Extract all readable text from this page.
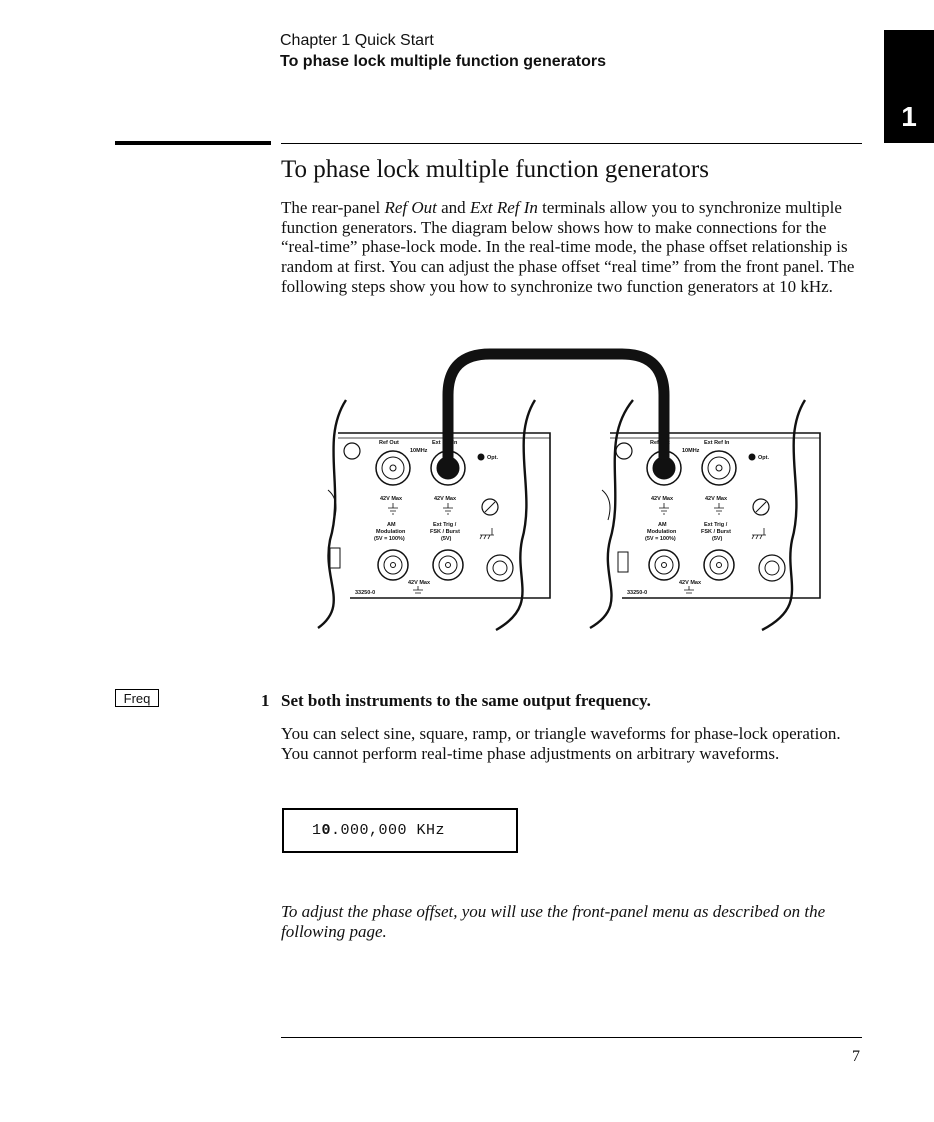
Chapter 1 Quick Start
To phase lock multiple function generators
1
To phase lock multiple function generators

The rear-panel Ref Out and Ext Ref In terminals allow you to synchronize multiple function generators. The diagram below shows how to make connections for the “real-time” phase-lock mode. In the real-time mode, the phase offset relationship is random at first. You can adjust the phase offset “real time” from the front panel. The following steps show you how to synchronize two function generators at 10 kHz.

Ref Out	Ext Ref In
10MHz
Opt.
42V Max	42V Max
AM
Modulation
(5V = 100%)
Ext Trig /
FSK / Burst
(5V)
42V Max
33250-0
Ref Out	Ext Ref In
10MHz
Opt.
42V Max	42V Max
AM
Modulation
(5V = 100%)
Ext Trig /
FSK / Burst
(5V)
42V Max
33250-0
Freq	1 Set both instruments to the same output frequency.

You can select sine, square, ramp, or triangle waveforms for phase-lock operation. You cannot perform real-time phase adjustments on arbitrary waveforms.

10.000,000 KHz

To adjust the phase offset, you will use the front-panel menu as described on the following page.

7
